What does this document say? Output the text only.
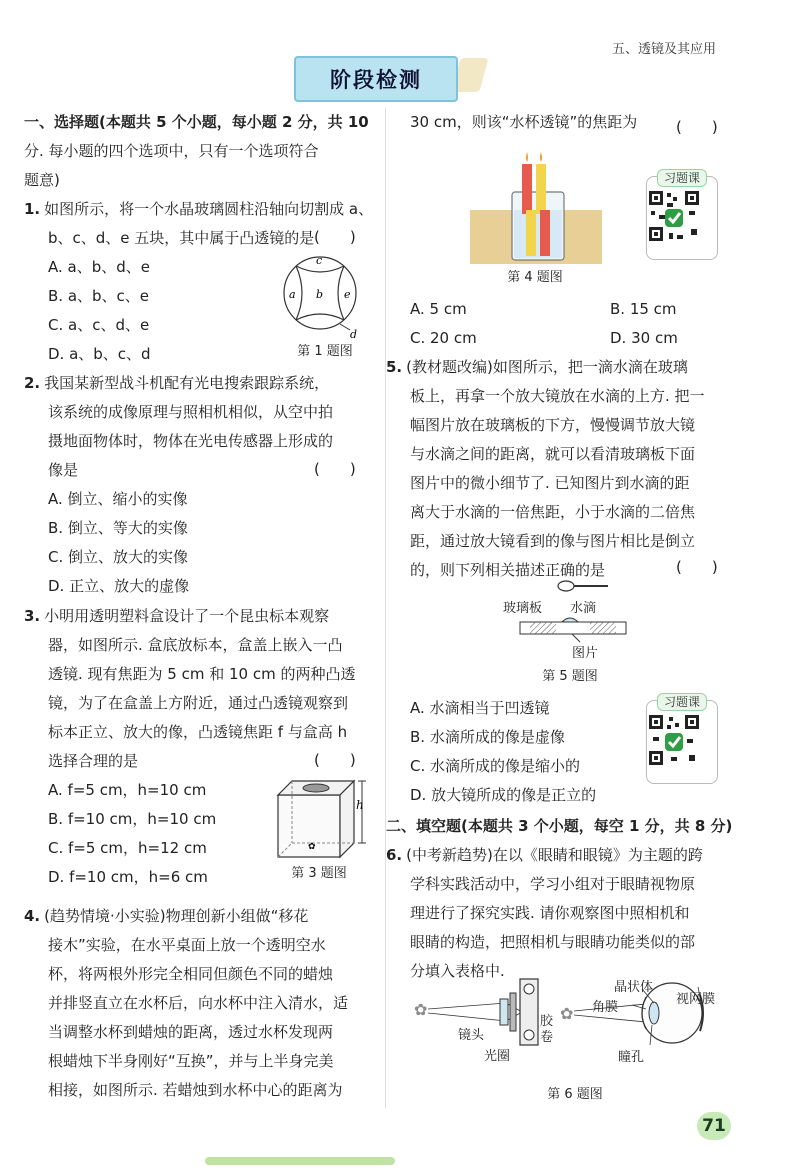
五、透镜及其应用
阶段检测
一、选择题(本题共 5 个小题，每小题 2 分，共 10
分. 每小题的四个选项中，只有一个选项符合
题意)
1. 如图所示，将一个水晶玻璃圆柱沿轴向切割成 a、
b、c、d、e 五块，其中属于凸透镜的是
A. a、b、d、e
B. a、b、c、e
C. a、c、d、e
D. a、b、c、d
(　　)
c
a b e
d
第 1 题图
2. 我国某新型战斗机配有光电搜索跟踪系统，
该系统的成像原理与照相机相似，从空中拍
摄地面物体时，物体在光电传感器上形成的
像是
A. 倒立、缩小的实像
B. 倒立、等大的实像
C. 倒立、放大的实像
D. 正立、放大的虚像
(　　)
3. 小明用透明塑料盒设计了一个昆虫标本观察
器，如图所示. 盒底放标本，盒盖上嵌入一凸
透镜. 现有焦距为 5 cm 和 10 cm 的两种凸透
镜，为了在盒盖上方附近，通过凸透镜观察到
标本正立、放大的像，凸透镜焦距 f 与盒高 h
选择合理的是
A. f=5 cm，h=10 cm
B. f=10 cm，h=10 cm
C. f=5 cm，h=12 cm
D. f=10 cm，h=6 cm
(　　)
✿
h
第 3 题图
4. (趋势情境·小实验)物理创新小组做“移花
接木”实验，在水平桌面上放一个透明空水
杯，将两根外形完全相同但颜色不同的蜡烛
并排竖直立在水杯后，向水杯中注入清水，适
当调整水杯到蜡烛的距离，透过水杯发现两
根蜡烛下半身刚好“互换”，并与上半身完美
相接，如图所示. 若蜡烛到水杯中心的距离为
30 cm，则该“水杯透镜”的焦距为	(　　)
第 4 题图
习题课
A. 5 cm	B. 15 cm
C. 20 cm	D. 30 cm
5. (教材题改编)如图所示，把一滴水滴在玻璃
板上，再拿一个放大镜放在水滴的上方. 把一
幅图片放在玻璃板的下方，慢慢调节放大镜
与水滴之间的距离，就可以看清玻璃板下面
图片中的微小细节了. 已知图片到水滴的距
离大于水滴的一倍焦距，小于水滴的二倍焦
距，通过放大镜看到的像与图片相比是倒立
的，则下列相关描述正确的是	(　　)
玻璃板 水滴
图片
第 5 题图
A. 水滴相当于凹透镜
B. 水滴所成的像是虚像
C. 水滴所成的像是缩小的
D. 放大镜所成的像是正立的
习题课
二、填空题(本题共 3 个小题，每空 1 分，共 8 分)
6. (中考新趋势)在以《眼睛和眼镜》为主题的跨
学科实践活动中，学习小组对于眼睛视物原
理进行了探究实践. 请你观察图中照相机和
眼睛的构造，把照相机与眼睛功能类似的部
分填入表格中.
✿	✿
镜头
光圈
胶
卷
晶状体
角膜
视网膜
瞳孔
第 6 题图
71
